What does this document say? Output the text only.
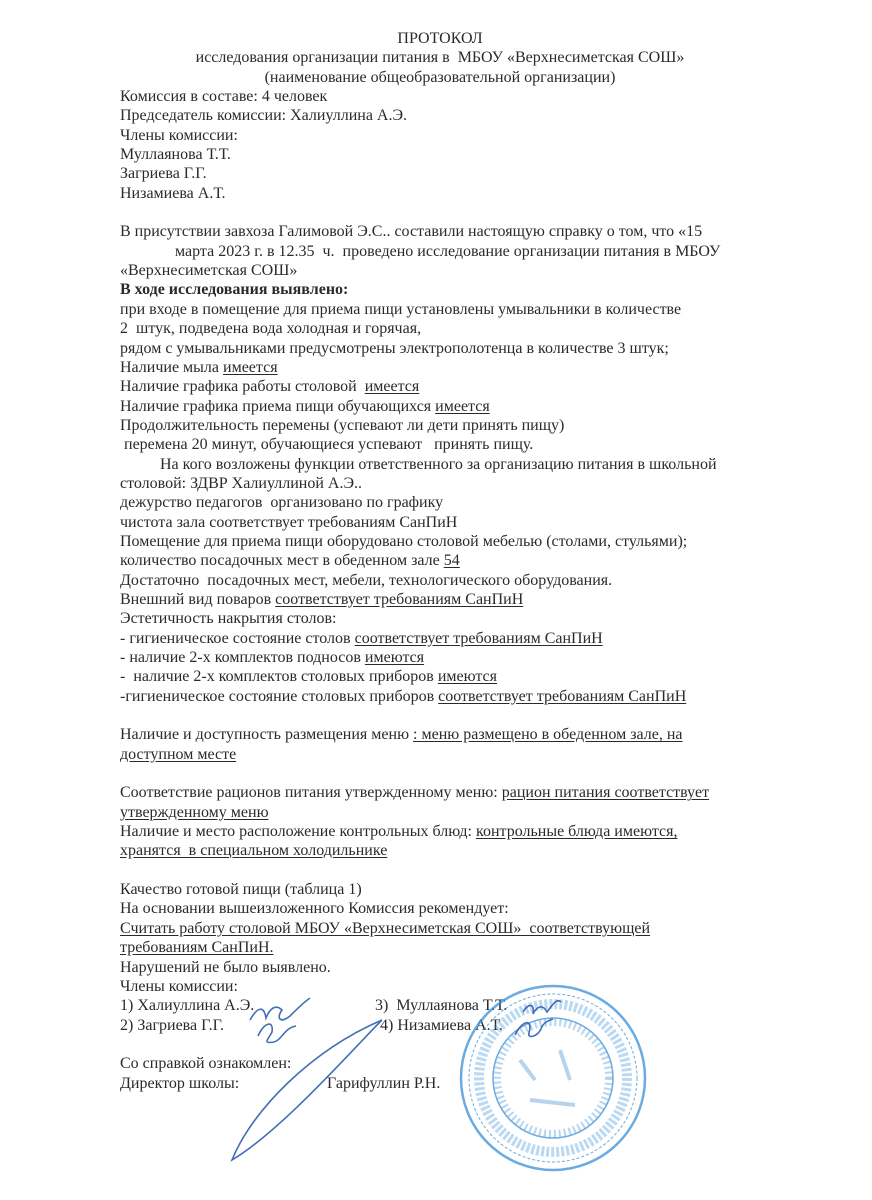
ПРОТОКОЛ
исследования организации питания в  МБОУ «Верхнесиметская СОШ»
(наименование общеобразовательной организации)
Комиссия в составе: 4 человек
Председатель комиссии: Халиуллина А.Э.
Члены комиссии:
Муллаянова Т.Т.
Загриева Г.Г.
Низамиева А.Т.
В присутствии завхоза Галимовой Э.С.. составили настоящую справку о том, что «15
марта 2023 г. в 12.35  ч.  проведено исследование организации питания в МБОУ
«Верхнесиметская СОШ»
В ходе исследования выявлено:
при входе в помещение для приема пищи установлены умывальники в количестве
2  штук, подведена вода холодная и горячая,
рядом с умывальниками предусмотрены электрополотенца в количестве 3 штук;
Наличие мыла имеется
Наличие графика работы столовой  имеется
Наличие графика приема пищи обучающихся имеется
Продолжительность перемены (успевают ли дети принять пищу)
перемена 20 минут, обучающиеся успевают   принять пищу.
На кого возложены функции ответственного за организацию питания в школьной
столовой: ЗДВР Халиуллиной А.Э..
дежурство педагогов  организовано по графику
чистота зала соответствует требованиям СанПиН
Помещение для приема пищи оборудовано столовой мебелью (столами, стульями);
количество посадочных мест в обеденном зале 54
Достаточно  посадочных мест, мебели, технологического оборудования.
Внешний вид поваров соответствует требованиям СанПиН
Эстетичность накрытия столов:
- гигиеническое состояние столов соответствует требованиям СанПиН
- наличие 2-х комплектов подносов имеются
-  наличие 2-х комплектов столовых приборов имеются
-гигиеническое состояние столовых приборов соответствует требованиям СанПиН
Наличие и доступность размещения меню : меню размещено в обеденном зале, на
доступном месте
Соответствие рационов питания утвержденному меню: рацион питания соответствует
утвержденному меню
Наличие и место расположение контрольных блюд: контрольные блюда имеются,
хранятся  в специальном холодильнике
Качество готовой пищи (таблица 1)
На основании вышеизложенного Комиссия рекомендует:
Считать работу столовой МБОУ «Верхнесиметская СОШ»  соответствующей
требованиям СанПиН.
Нарушений не было выявлено.
Члены комиссии:
1) Халиуллина А.Э.	3)  Муллаянова Т.Т.
2) Загриева Г.Г.	4) Низамиева А.Т.
Со справкой ознакомлен:
Директор школы:	Гарифуллин Р.Н.
